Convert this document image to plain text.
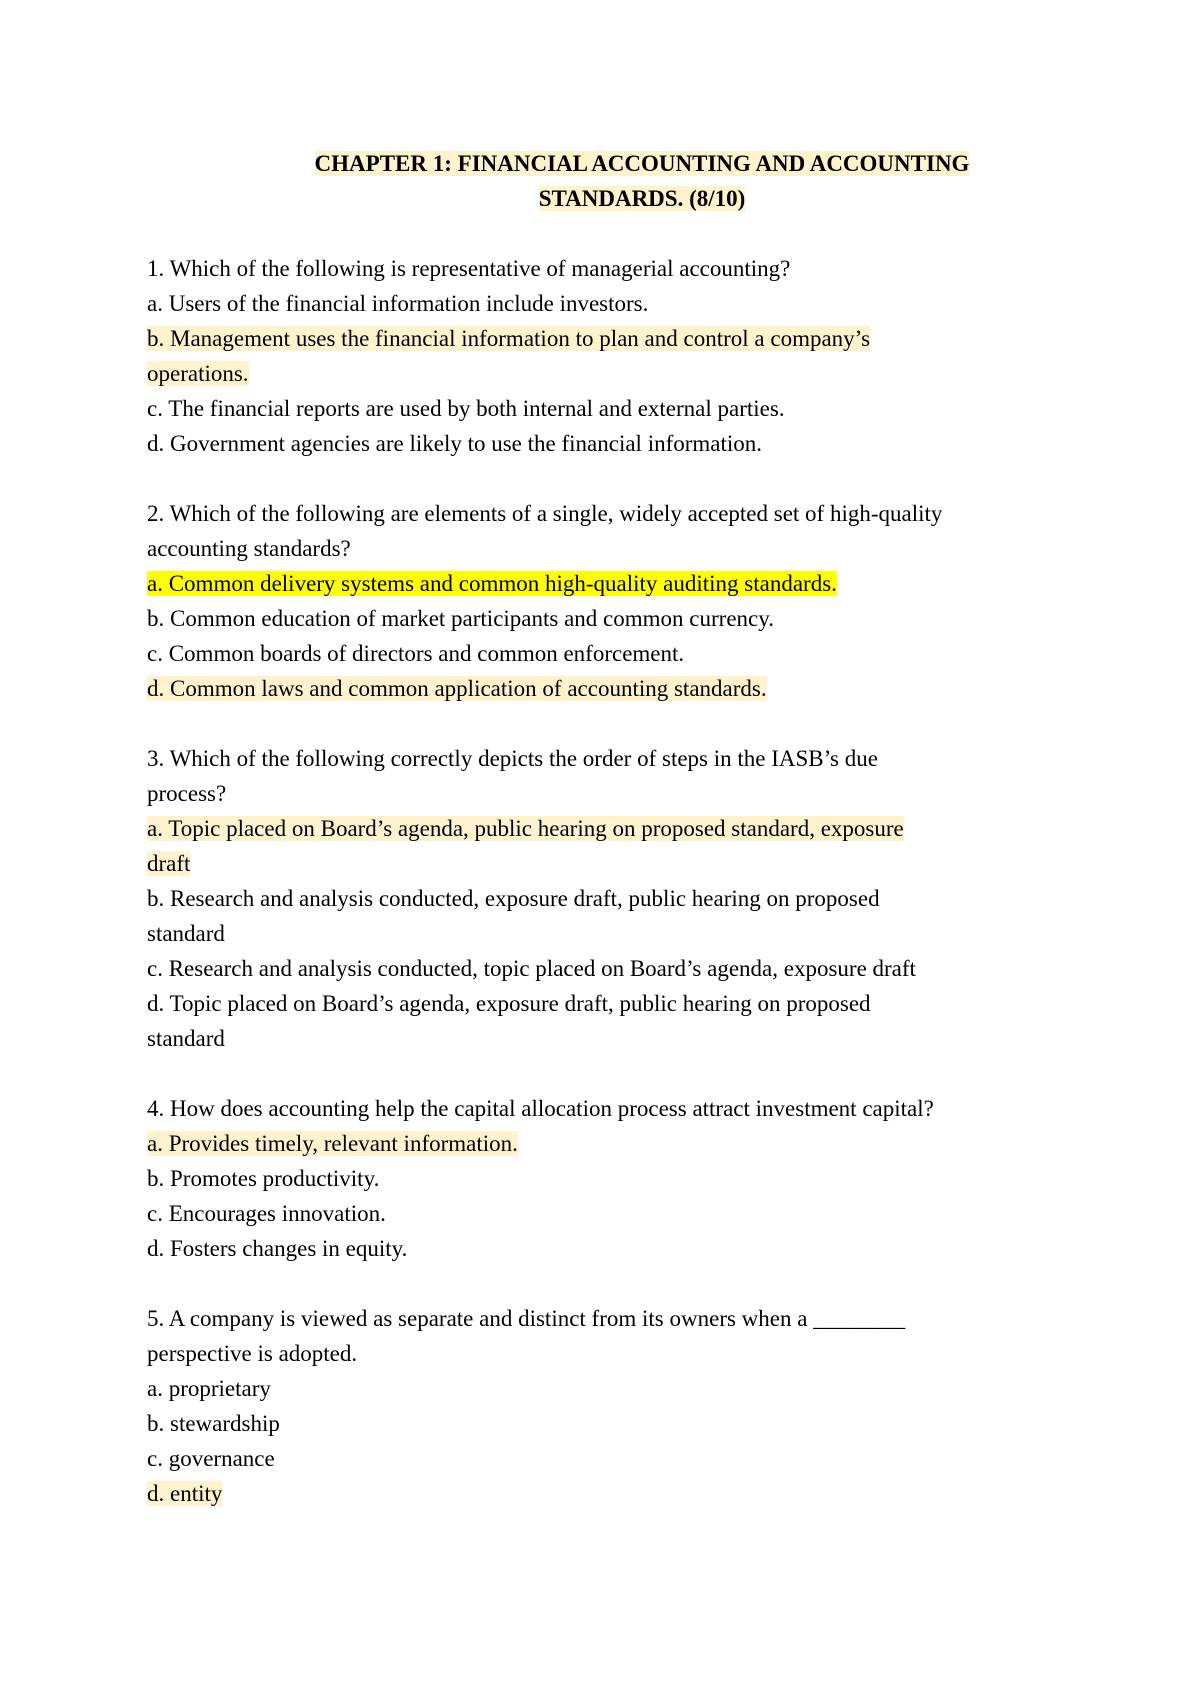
CHAPTER 1: FINANCIAL ACCOUNTING AND ACCOUNTING
STANDARDS. (8/10)
1. Which of the following is representative of managerial accounting?
a. Users of the financial information include investors.
b. Management uses the financial information to plan and control a company’s
operations.
c. The financial reports are used by both internal and external parties.
d. Government agencies are likely to use the financial information.
2. Which of the following are elements of a single, widely accepted set of high-quality
accounting standards?
a. Common delivery systems and common high-quality auditing standards.
b. Common education of market participants and common currency.
c. Common boards of directors and common enforcement.
d. Common laws and common application of accounting standards.
3. Which of the following correctly depicts the order of steps in the IASB’s due
process?
a. Topic placed on Board’s agenda, public hearing on proposed standard, exposure
draft
b. Research and analysis conducted, exposure draft, public hearing on proposed
standard
c. Research and analysis conducted, topic placed on Board’s agenda, exposure draft
d. Topic placed on Board’s agenda, exposure draft, public hearing on proposed
standard
4. How does accounting help the capital allocation process attract investment capital?
a. Provides timely, relevant information.
b. Promotes productivity.
c. Encourages innovation.
d. Fosters changes in equity.
5. A company is viewed as separate and distinct from its owners when a ________
perspective is adopted.
a. proprietary
b. stewardship
c. governance
d. entity
